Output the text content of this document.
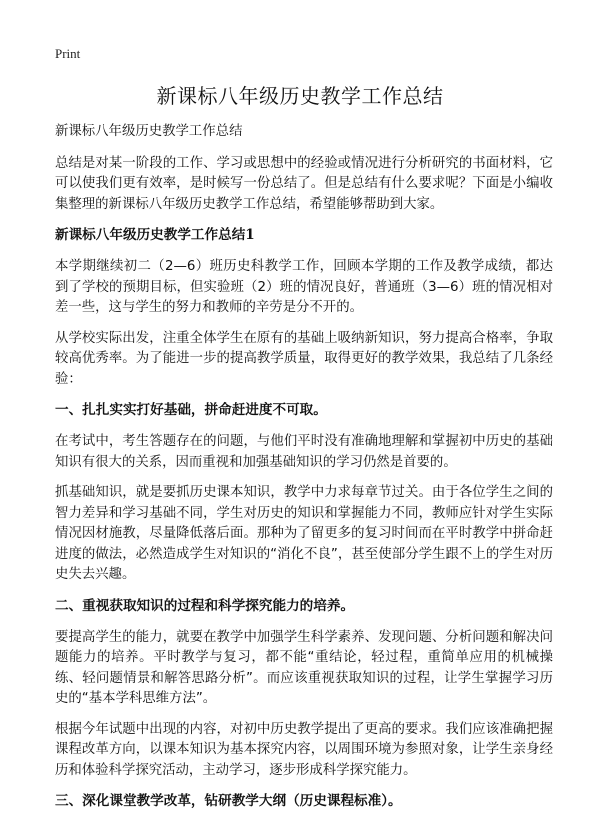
Print
新课标八年级历史教学工作总结

新课标八年级历史教学工作总结

总结是对某一阶段的工作、学习或思想中的经验或情况进行分析研究的书面材料，它可以使我们更有效率，是时候写一份总结了。但是总结有什么要求呢？下面是小编收集整理的新课标八年级历史教学工作总结，希望能够帮助到大家。

新课标八年级历史教学工作总结1

本学期继续初二（2—6）班历史科教学工作，回顾本学期的工作及教学成绩，都达到了学校的预期目标，但实验班（2）班的情况良好，普通班（3—6）班的情况相对差一些，这与学生的努力和教师的辛劳是分不开的。

从学校实际出发，注重全体学生在原有的基础上吸纳新知识，努力提高合格率，争取较高优秀率。为了能进一步的提高教学质量，取得更好的教学效果，我总结了几条经验：

一、扎扎实实打好基础，拼命赶进度不可取。

在考试中，考生答题存在的问题，与他们平时没有准确地理解和掌握初中历史的基础知识有很大的关系，因而重视和加强基础知识的学习仍然是首要的。

抓基础知识，就是要抓历史课本知识，教学中力求每章节过关。由于各位学生之间的智力差异和学习基础不同，学生对历史的知识和掌握能力不同，教师应针对学生实际情况因材施教，尽量降低落后面。那种为了留更多的复习时间而在平时教学中拼命赶进度的做法，必然造成学生对知识的“消化不良”，甚至使部分学生跟不上的学生对历史失去兴趣。

二、重视获取知识的过程和科学探究能力的培养。

要提高学生的能力，就要在教学中加强学生科学素养、发现问题、分析问题和解决问题能力的培养。平时教学与复习，都不能“重结论，轻过程，重简单应用的机械操练、轻问题情景和解答思路分析”。而应该重视获取知识的过程，让学生掌握学习历史的“基本学科思维方法”。

根据今年试题中出现的内容，对初中历史教学提出了更高的要求。我们应该准确把握课程改革方向，以课本知识为基本探究内容，以周围环境为参照对象，让学生亲身经历和体验科学探究活动，主动学习，逐步形成科学探究能力。

三、深化课堂教学改革，钻研教学大纲（历史课程标准）。
